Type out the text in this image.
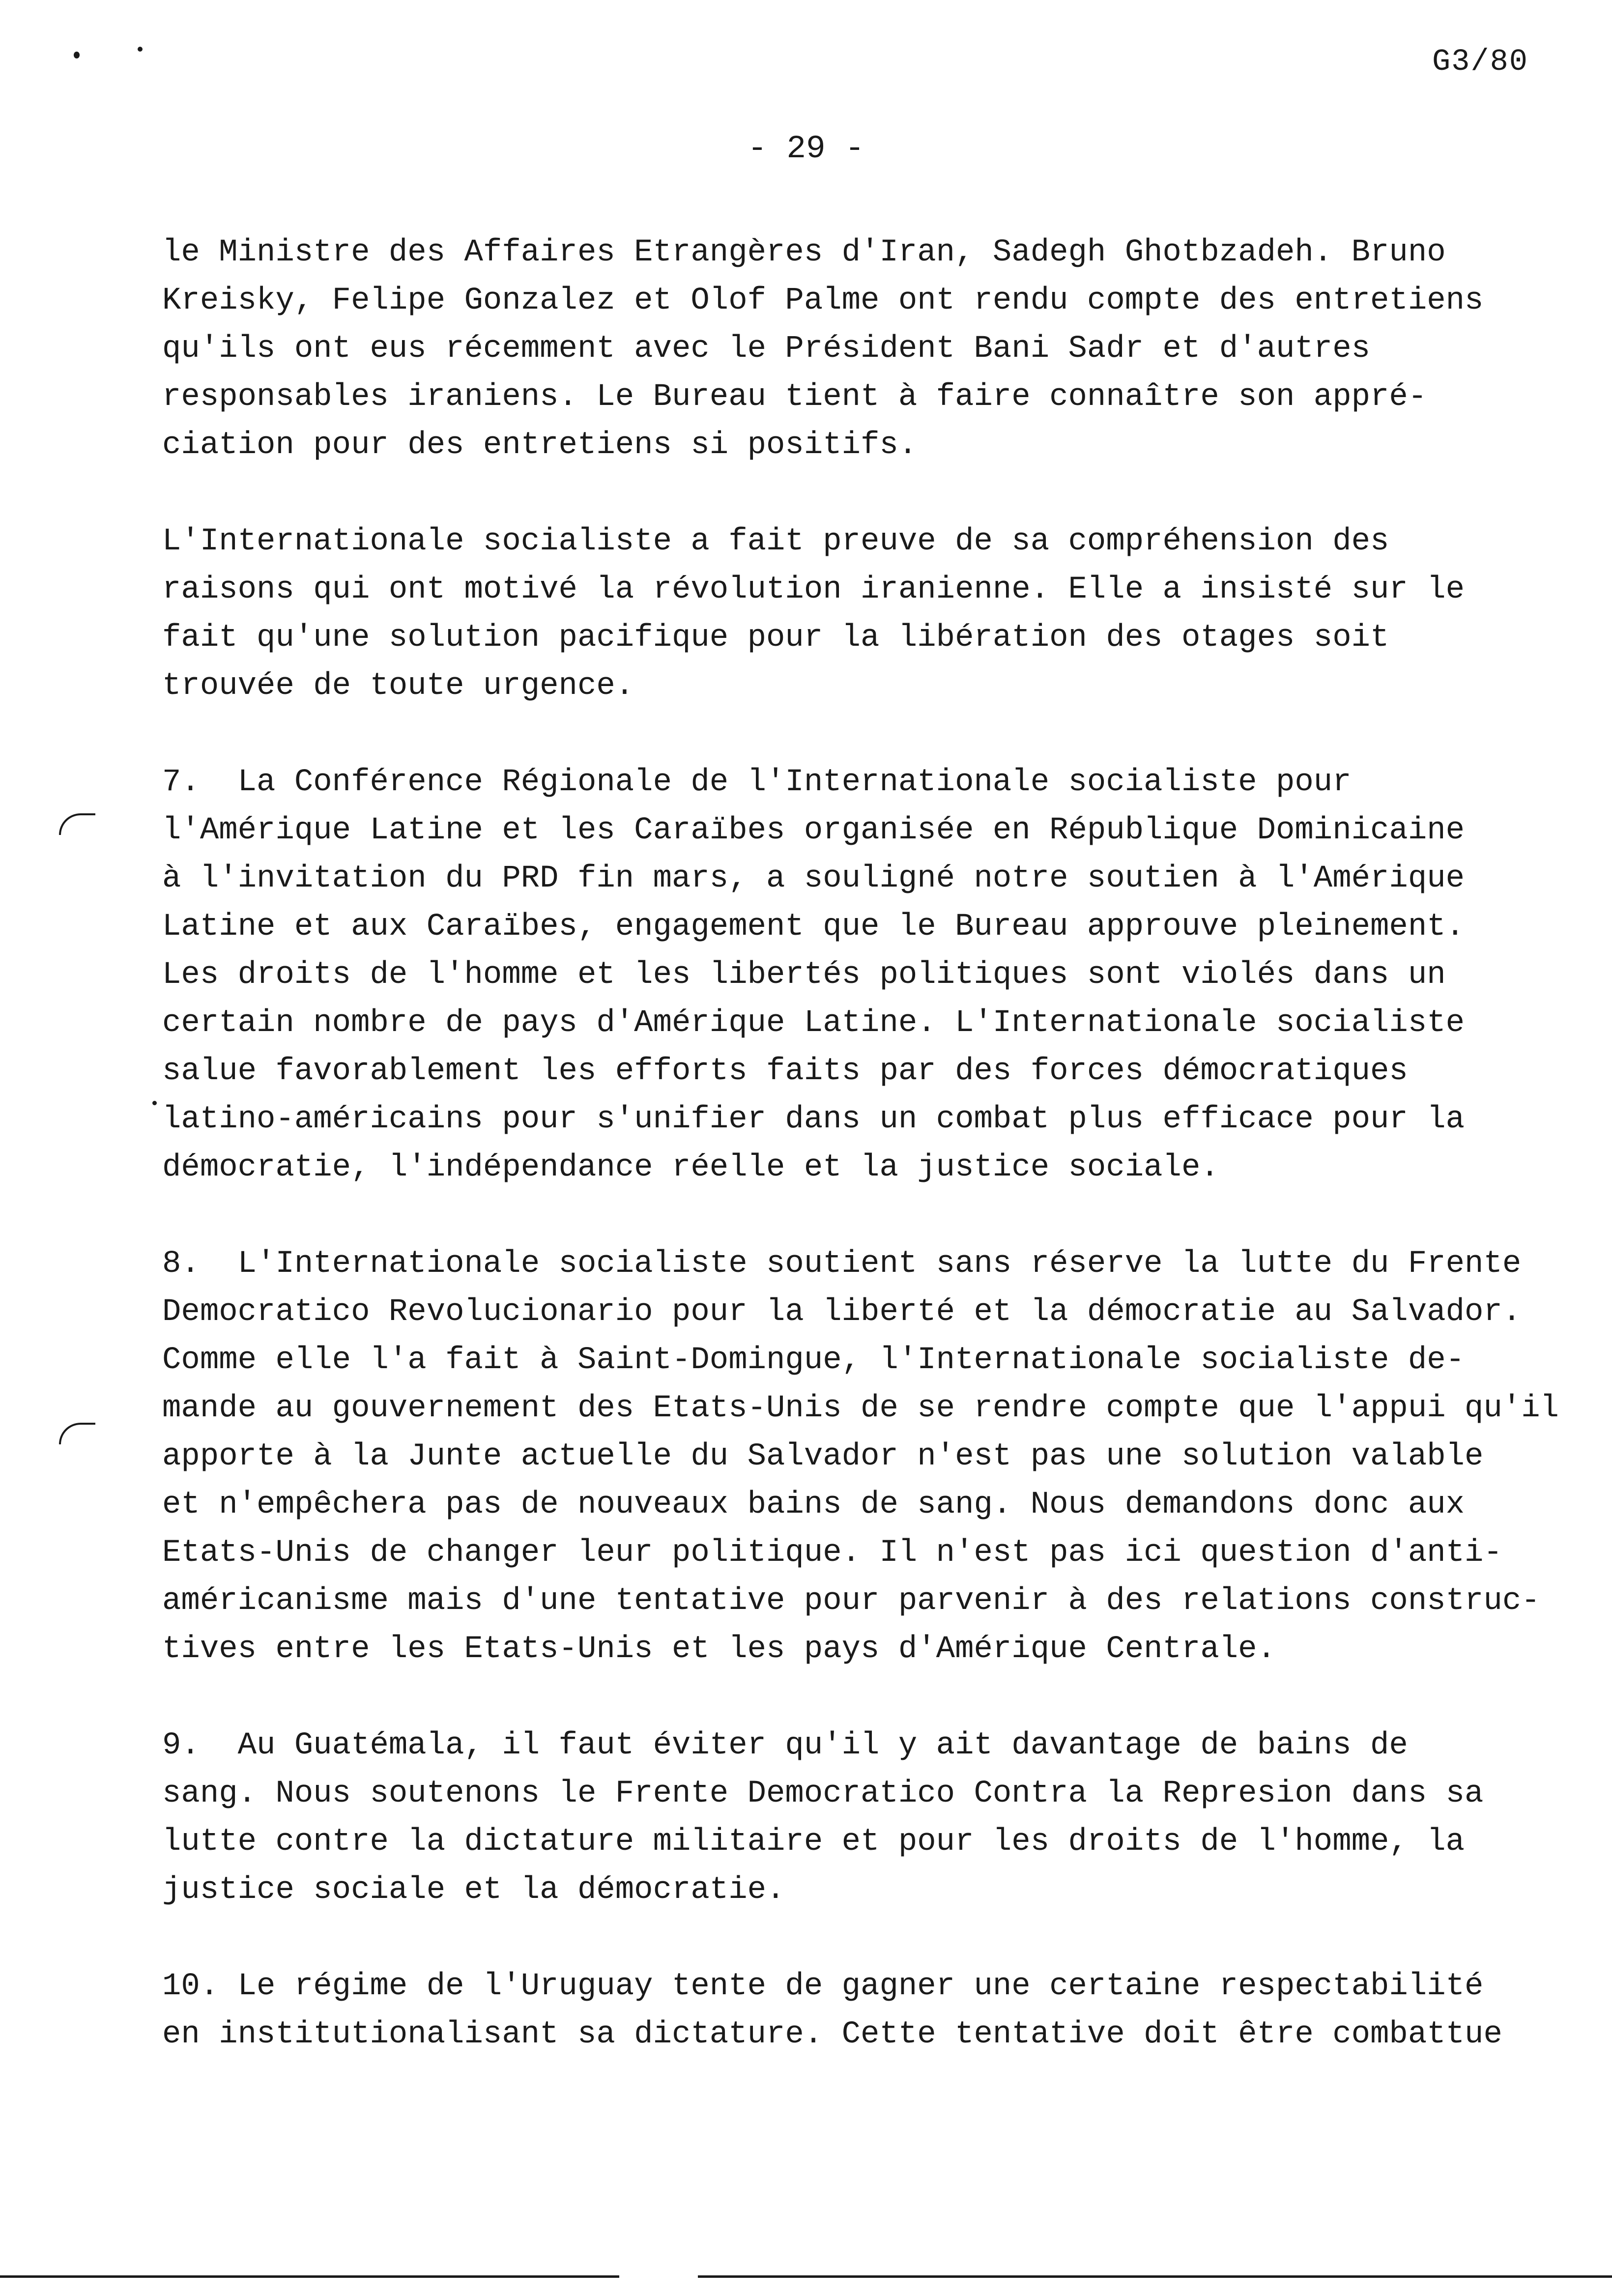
G3/80
- 29 -
le Ministre des Affaires Etrangères d'Iran, Sadegh Ghotbzadeh. Bruno
Kreisky, Felipe Gonzalez et Olof Palme ont rendu compte des entretiens
qu'ils ont eus récemment avec le Président Bani Sadr et d'autres
responsables iraniens. Le Bureau tient à faire connaître son appré-
ciation pour des entretiens si positifs.
L'Internationale socialiste a fait preuve de sa compréhension des
raisons qui ont motivé la révolution iranienne. Elle a insisté sur le
fait qu'une solution pacifique pour la libération des otages soit
trouvée de toute urgence.
7.  La Conférence Régionale de l'Internationale socialiste pour
l'Amérique Latine et les Caraïbes organisée en République Dominicaine
à l'invitation du PRD fin mars, a souligné notre soutien à l'Amérique
Latine et aux Caraïbes, engagement que le Bureau approuve pleinement.
Les droits de l'homme et les libertés politiques sont violés dans un
certain nombre de pays d'Amérique Latine. L'Internationale socialiste
salue favorablement les efforts faits par des forces démocratiques
latino-américains pour s'unifier dans un combat plus efficace pour la
démocratie, l'indépendance réelle et la justice sociale.
8.  L'Internationale socialiste soutient sans réserve la lutte du Frente
Democratico Revolucionario pour la liberté et la démocratie au Salvador.
Comme elle l'a fait à Saint-Domingue, l'Internationale socialiste de-
mande au gouvernement des Etats-Unis de se rendre compte que l'appui qu'il
apporte à la Junte actuelle du Salvador n'est pas une solution valable
et n'empêchera pas de nouveaux bains de sang. Nous demandons donc aux
Etats-Unis de changer leur politique. Il n'est pas ici question d'anti-
américanisme mais d'une tentative pour parvenir à des relations construc-
tives entre les Etats-Unis et les pays d'Amérique Centrale.
9.  Au Guatémala, il faut éviter qu'il y ait davantage de bains de
sang. Nous soutenons le Frente Democratico Contra la Represion dans sa
lutte contre la dictature militaire et pour les droits de l'homme, la
justice sociale et la démocratie.
10. Le régime de l'Uruguay tente de gagner une certaine respectabilité
en institutionalisant sa dictature. Cette tentative doit être combattue
